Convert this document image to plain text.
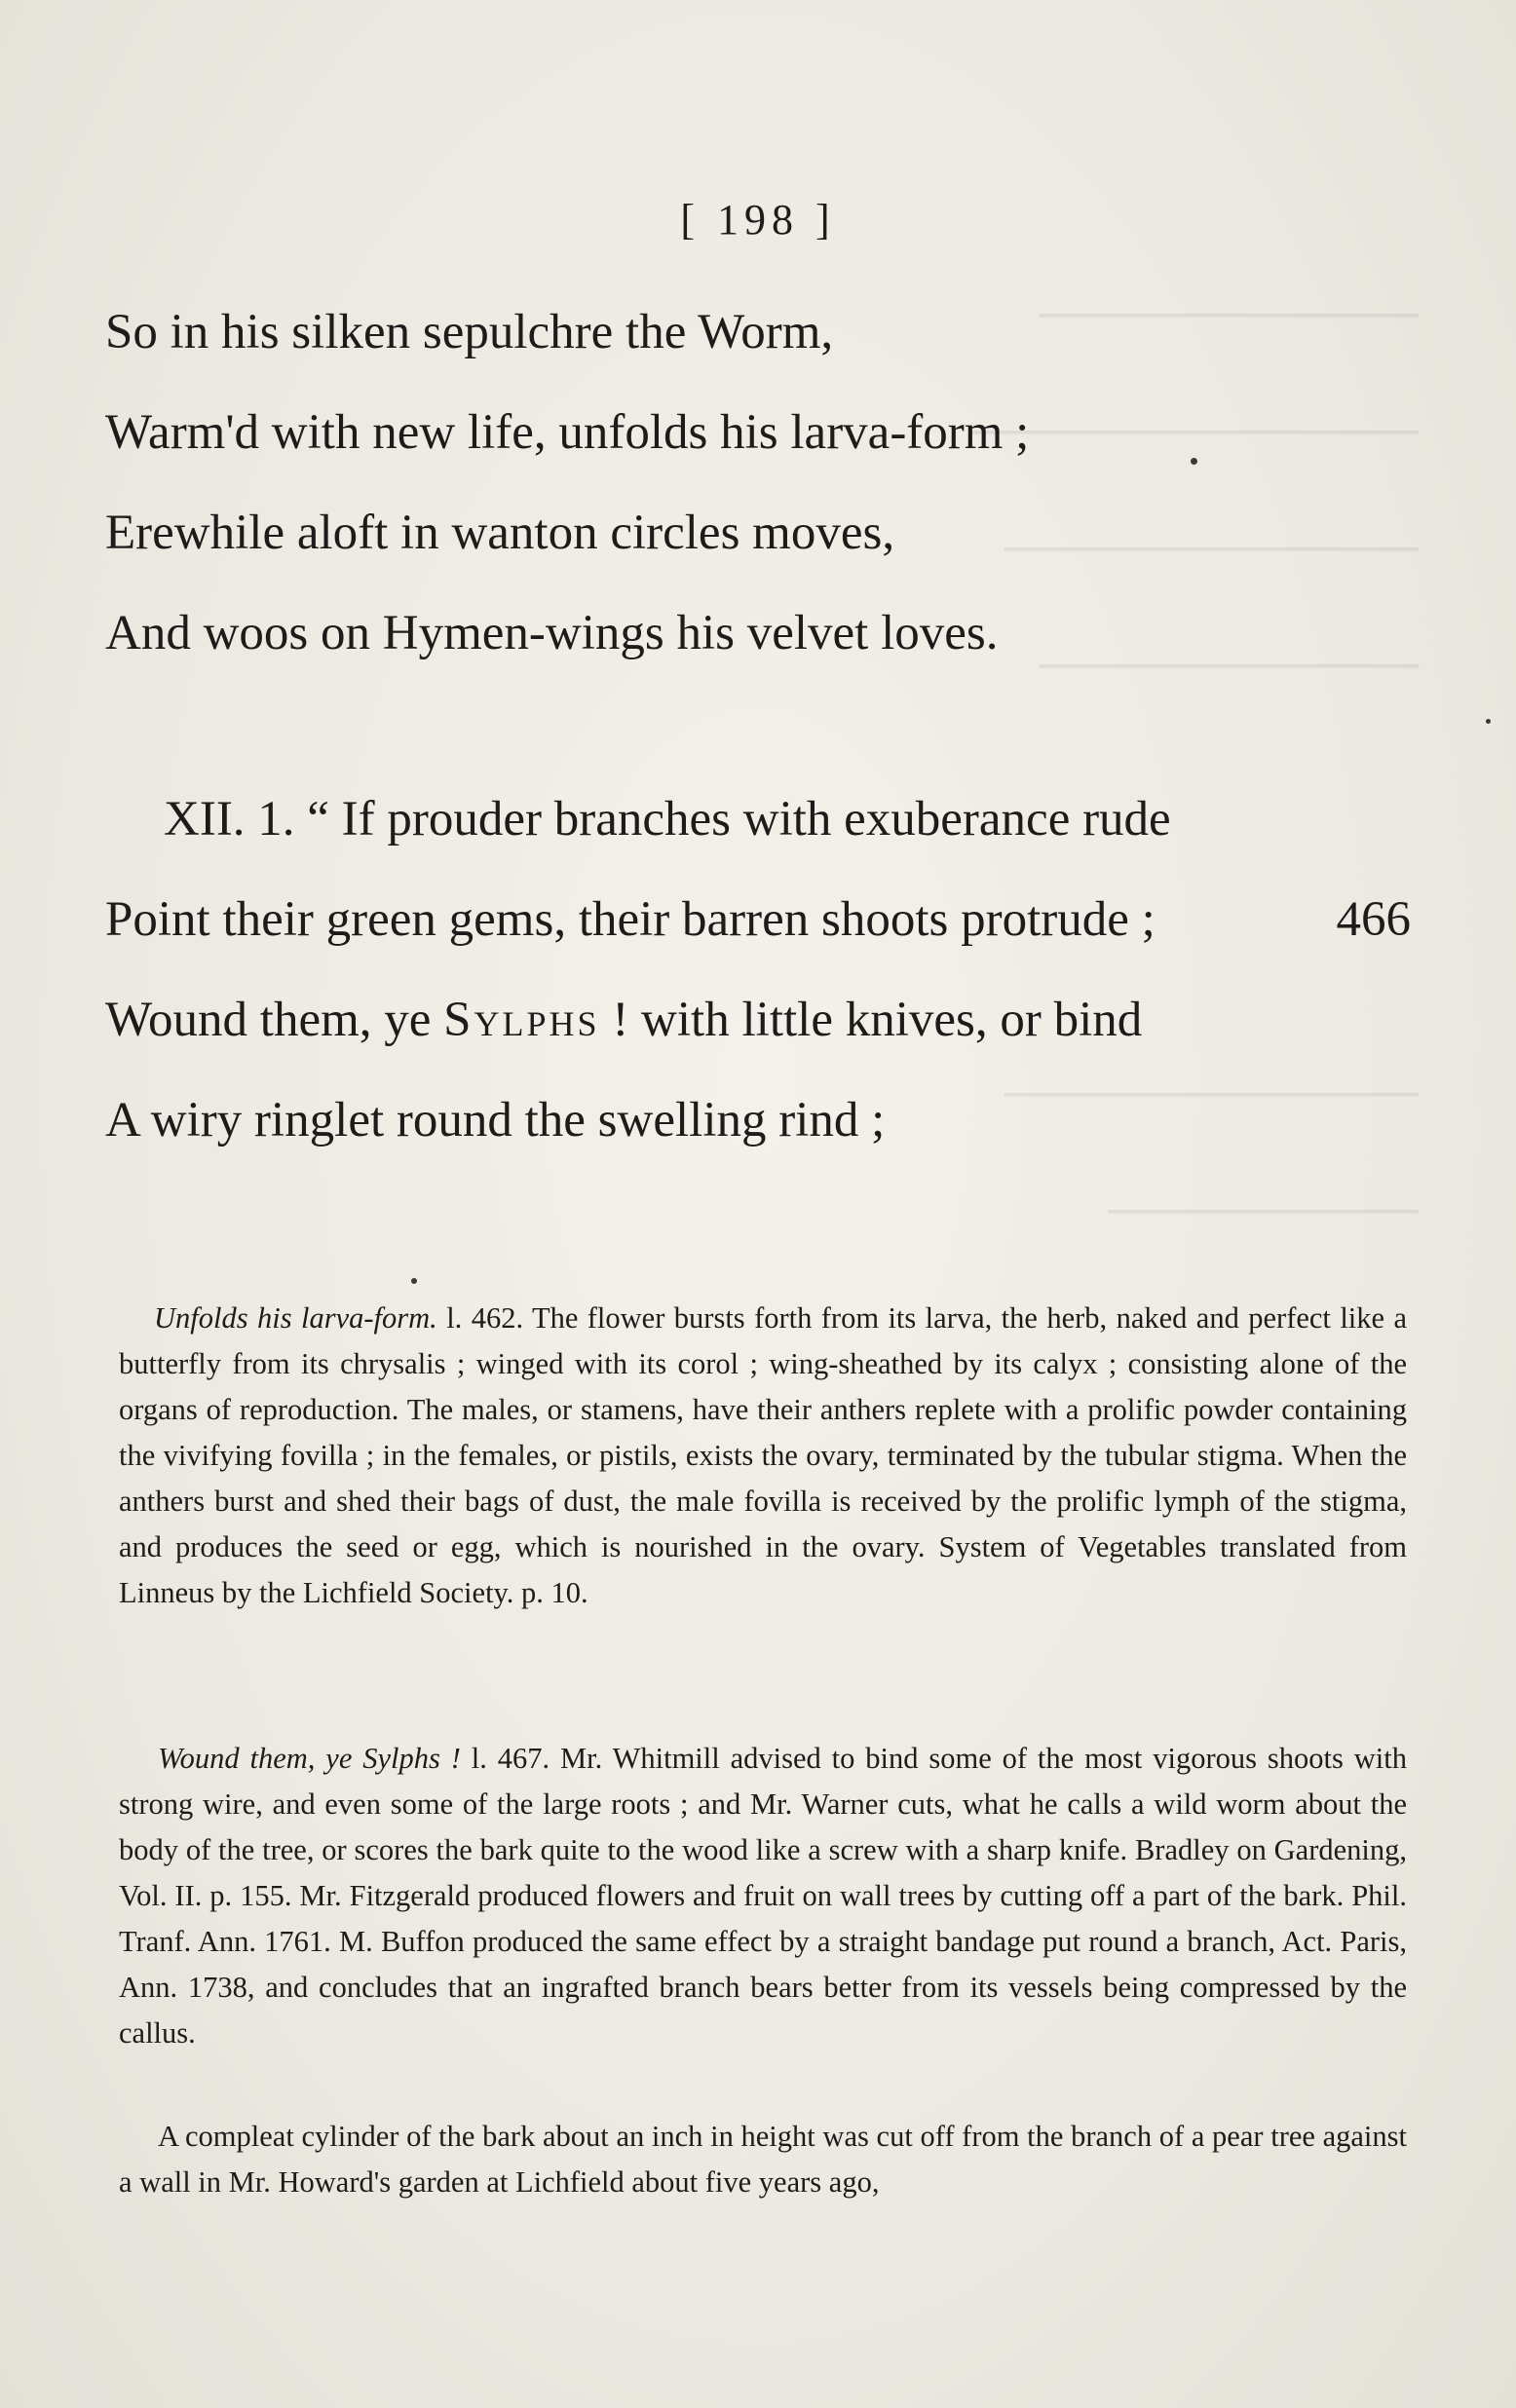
───────────
─────────────
────────────
───────────
────────────
─────────
[ 198 ]
So in his silken sepulchre the Worm,
Warm'd with new life, unfolds his larva-form ;
Erewhile aloft in wanton circles moves,
And woos on Hymen-wings his velvet loves.
XII. 1. “ If prouder branches with exuberance rude
Point their green gems, their barren shoots protrude ;	466
Wound them, ye Sylphs ! with little knives, or bind
A wiry ringlet round the swelling rind ;

Unfolds his larva-form. l. 462. The flower bursts forth from its larva, the herb, naked and perfect like a butterfly from its chrysalis ; winged with its corol ; wing-sheathed by its calyx ; consisting alone of the organs of reproduction. The males, or stamens, have their anthers replete with a prolific powder containing the vivifying fovilla ; in the females, or pistils, exists the ovary, terminated by the tubular stigma. When the anthers burst and shed their bags of dust, the male fovilla is received by the prolific lymph of the stigma, and produces the seed or egg, which is nourished in the ovary. System of Vegetables translated from Linneus by the Lichfield Society. p. 10.

Wound them, ye Sylphs ! l. 467. Mr. Whitmill advised to bind some of the most vigorous shoots with strong wire, and even some of the large roots ; and Mr. Warner cuts, what he calls a wild worm about the body of the tree, or scores the bark quite to the wood like a screw with a sharp knife. Bradley on Gardening, Vol. II. p. 155. Mr. Fitzgerald produced flowers and fruit on wall trees by cutting off a part of the bark. Phil. Tranf. Ann. 1761. M. Buffon produced the same effect by a straight bandage put round a branch, Act. Paris, Ann. 1738, and concludes that an ingrafted branch bears better from its vessels being compressed by the callus.

A compleat cylinder of the bark about an inch in height was cut off from the branch of a pear tree against a wall in Mr. Howard's garden at Lichfield about five years ago,
